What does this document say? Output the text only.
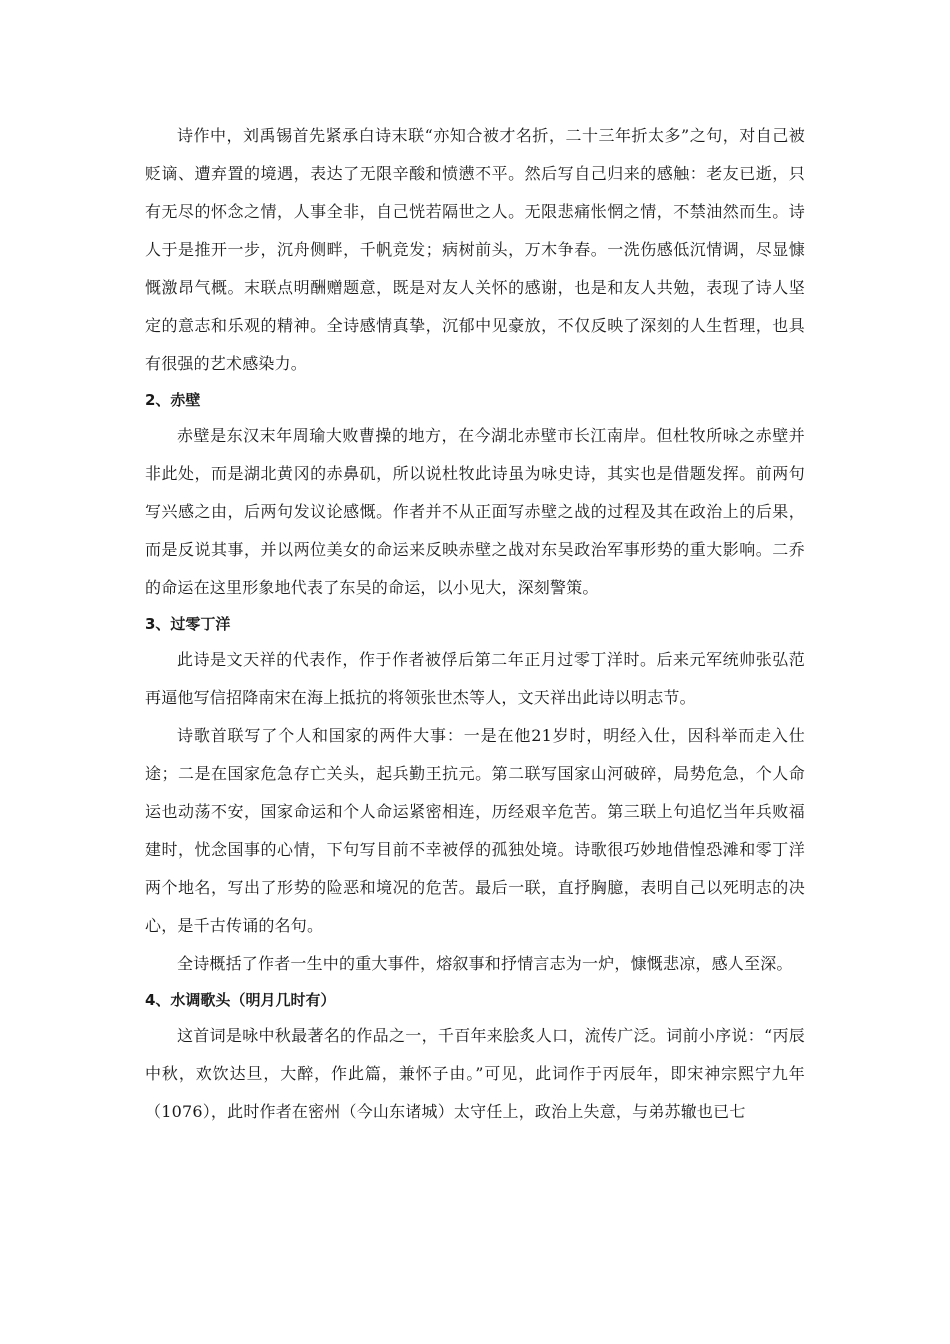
诗作中，刘禹锡首先紧承白诗末联“亦知合被才名折，二十三年折太多”之句，对自己被贬谪、遭弃置的境遇，表达了无限辛酸和愤懑不平。然后写自己归来的感触：老友已逝，只有无尽的怀念之情，人事全非，自己恍若隔世之人。无限悲痛怅惘之情，不禁油然而生。诗人于是推开一步，沉舟侧畔，千帆竞发；病树前头，万木争春。一洗伤感低沉情调，尽显慷慨激昂气概。末联点明酬赠题意，既是对友人关怀的感谢，也是和友人共勉，表现了诗人坚定的意志和乐观的精神。全诗感情真挚，沉郁中见豪放，不仅反映了深刻的人生哲理，也具有很强的艺术感染力。

2、赤壁

赤壁是东汉末年周瑜大败曹操的地方，在今湖北赤壁市长江南岸。但杜牧所咏之赤壁并非此处，而是湖北黄冈的赤鼻矶，所以说杜牧此诗虽为咏史诗，其实也是借题发挥。前两句写兴感之由，后两句发议论感慨。作者并不从正面写赤壁之战的过程及其在政治上的后果，而是反说其事，并以两位美女的命运来反映赤壁之战对东吴政治军事形势的重大影响。二乔的命运在这里形象地代表了东吴的命运，以小见大，深刻警策。

3、过零丁洋

此诗是文天祥的代表作，作于作者被俘后第二年正月过零丁洋时。后来元军统帅张弘范再逼他写信招降南宋在海上抵抗的将领张世杰等人，文天祥出此诗以明志节。

诗歌首联写了个人和国家的两件大事：一是在他21岁时，明经入仕，因科举而走入仕途；二是在国家危急存亡关头，起兵勤王抗元。第二联写国家山河破碎，局势危急，个人命运也动荡不安，国家命运和个人命运紧密相连，历经艰辛危苦。第三联上句追忆当年兵败福建时，忧念国事的心情，下句写目前不幸被俘的孤独处境。诗歌很巧妙地借惶恐滩和零丁洋两个地名，写出了形势的险恶和境况的危苦。最后一联，直抒胸臆，表明自己以死明志的决心，是千古传诵的名句。

全诗概括了作者一生中的重大事件，熔叙事和抒情言志为一炉，慷慨悲凉，感人至深。

4、水调歌头（明月几时有）

这首词是咏中秋最著名的作品之一，千百年来脍炙人口，流传广泛。词前小序说：“丙辰中秋，欢饮达旦，大醉，作此篇，兼怀子由。”可见，此词作于丙辰年，即宋神宗熙宁九年（1076），此时作者在密州（今山东诸城）太守任上，政治上失意，与弟苏辙也已七
